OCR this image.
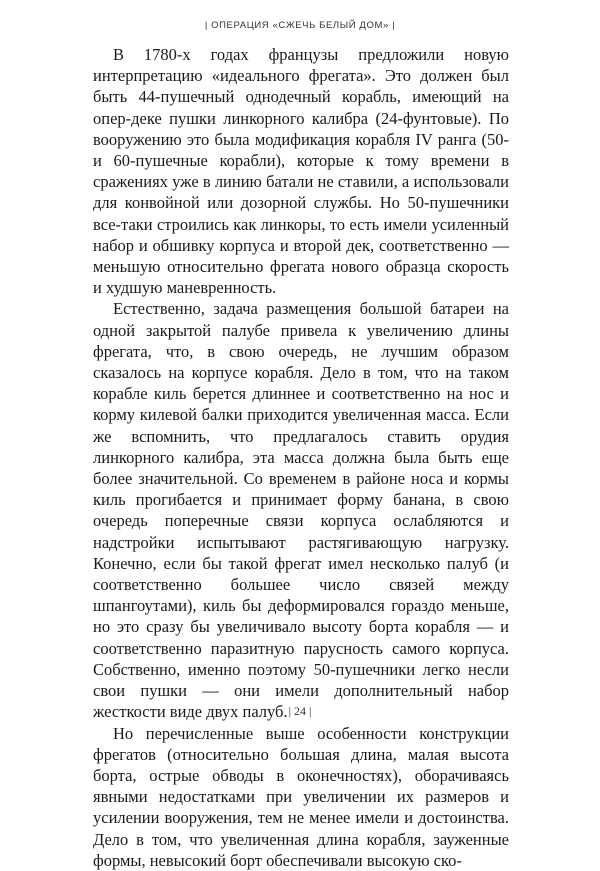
| ОПЕРАЦИЯ «СЖЕЧЬ БЕЛЫЙ ДОМ» |

В 1780-х годах французы предложили новую интерпретацию «идеального фрегата». Это должен был быть 44-пушечный однодечный корабль, имеющий на опер-деке пушки линкорного калибра (24-фунтовые). По вооружению это была модификация корабля IV ранга (50- и 60-пушечные корабли), которые к тому времени в сражениях уже в линию батали не ставили, а использовали для конвойной или дозорной службы. Но 50-пушечники все-таки строились как линкоры, то есть имели усиленный набор и обшивку корпуса и второй дек, соответственно — меньшую относительно фрегата нового образца скорость и худшую маневренность.

Естественно, задача размещения большой батареи на одной закрытой палубе привела к увеличению длины фрегата, что, в свою очередь, не лучшим образом сказалось на корпусе корабля. Дело в том, что на таком корабле киль берется длиннее и соответственно на нос и корму килевой балки приходится увеличенная масса. Если же вспомнить, что предлагалось ставить орудия линкорного калибра, эта масса должна была быть еще более значительной. Со временем в районе носа и кормы киль прогибается и принимает форму банана, в свою очередь поперечные связи корпуса ослабляются и надстройки испытывают растягивающую нагрузку. Конечно, если бы такой фрегат имел несколько палуб (и соответственно большее число связей между шпангоутами), киль бы деформировался гораздо меньше, но это сразу бы увеличивало высоту борта корабля — и соответственно паразитную парусность самого корпуса. Собственно, именно поэтому 50-пушечники легко несли свои пушки — они имели дополнительный набор жесткости виде двух палуб.

Но перечисленные выше особенности конструкции фрегатов (относительно большая длина, малая высота борта, острые обводы в оконечностях), оборачиваясь явными недостатками при увеличении их размеров и усилении вооружения, тем не менее имели и достоинства. Дело в том, что увеличенная длина корабля, зауженные формы, невысокий борт обеспечивали высокую ско-

| 24 |
